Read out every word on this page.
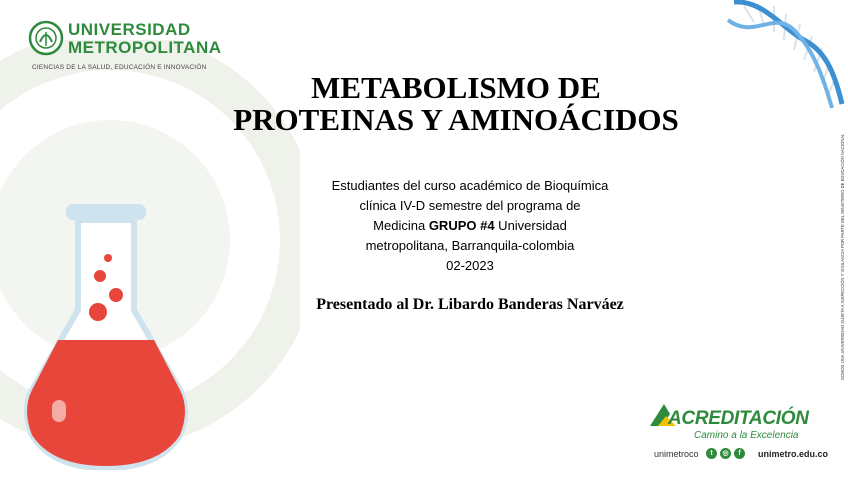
UNIVERSIDAD
METROPOLITANA
CIENCIAS DE LA SALUD, EDUCACIÓN E INNOVACIÓN
METABOLISMO DE
PROTEINAS Y AMINOÁCIDOS
Estudiantes del curso académico de Bioquímica
clínica IV-D semestre del programa de
Medicina GRUPO #4 Universidad
metropolitana, Barranquila-colombia
02-2023
Presentado al Dr. Libardo Banderas Narváez	SOMOS UNA UNIVERSIDAD SUJETA A INSPECCIÓN Y VIGILANCIA POR PARTE DEL MINISTERIO DE EDUCACIÓN NACIONAL
ACREDITACIÓN
Camino a la Excelencia
unimetroco	t	◎	f	unimetro.edu.co
